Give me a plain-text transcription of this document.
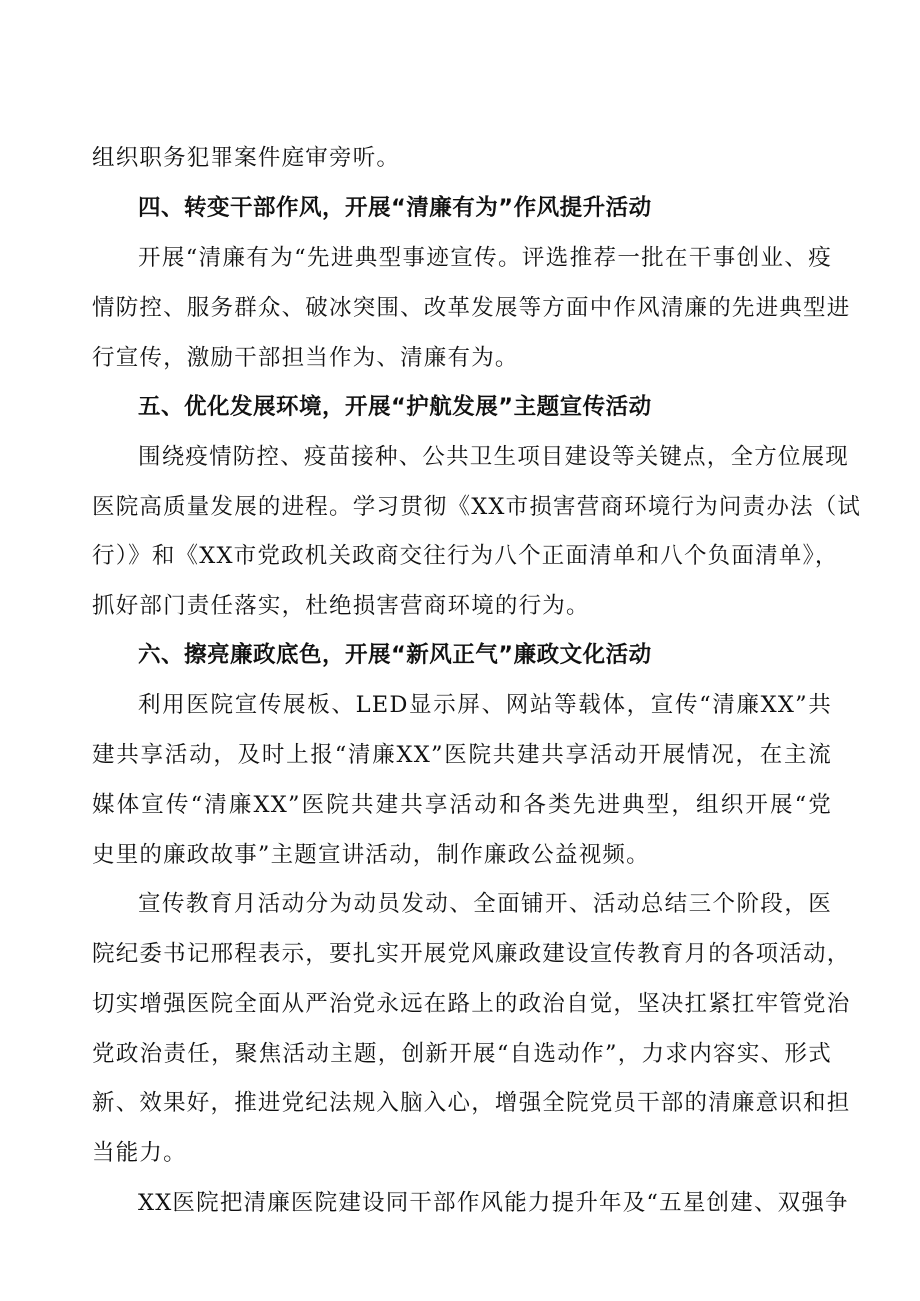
组织职务犯罪案件庭审旁听。
四、转变干部作风，开展“清廉有为”作风提升活动
开展“清廉有为“先进典型事迹宣传。评选推荐一批在干事创业、疫
情防控、服务群众、破冰突围、改革发展等方面中作风清廉的先进典型进
行宣传，激励干部担当作为、清廉有为。
五、优化发展环境，开展“护航发展”主题宣传活动
围绕疫情防控、疫苗接种、公共卫生项目建设等关键点，全方位展现
医院高质量发展的进程。学习贯彻《XX市损害营商环境行为问责办法（试
行）》和《XX市党政机关政商交往行为八个正面清单和八个负面清单》，
抓好部门责任落实，杜绝损害营商环境的行为。
六、擦亮廉政底色，开展“新风正气”廉政文化活动
利用医院宣传展板、LED显示屏、网站等载体，宣传“清廉XX”共
建共享活动，及时上报“清廉XX”医院共建共享活动开展情况，在主流
媒体宣传“清廉XX”医院共建共享活动和各类先进典型，组织开展“党
史里的廉政故事”主题宣讲活动，制作廉政公益视频。
宣传教育月活动分为动员发动、全面铺开、活动总结三个阶段，医
院纪委书记邢程表示，要扎实开展党风廉政建设宣传教育月的各项活动，
切实增强医院全面从严治党永远在路上的政治自觉，坚决扛紧扛牢管党治
党政治责任，聚焦活动主题，创新开展“自选动作”，力求内容实、形式
新、效果好，推进党纪法规入脑入心，增强全院党员干部的清廉意识和担
当能力。
XX医院把清廉医院建设同干部作风能力提升年及“五星创建、双强争
